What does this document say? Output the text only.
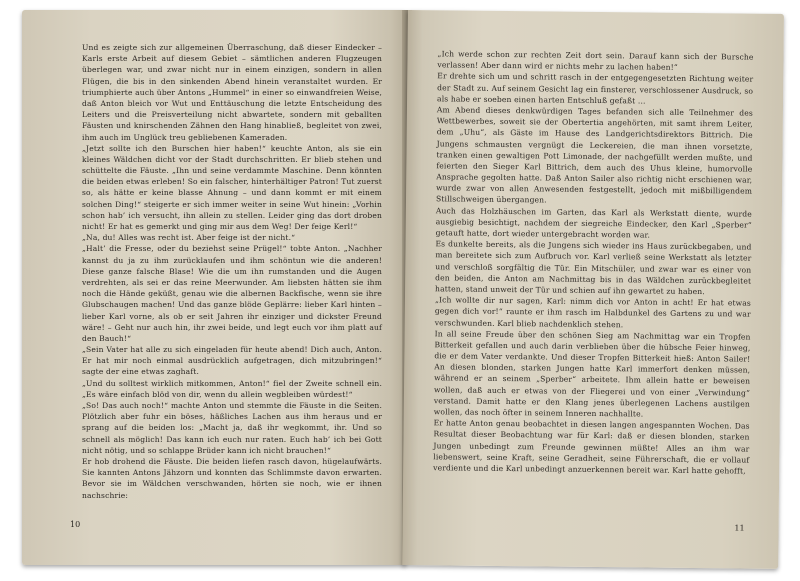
Und es zeigte sich zur allgemeinen Überraschung, daß dieser Eindecker – Karls erste Arbeit auf diesem Gebiet – sämtlichen anderen Flugzeugen überlegen war, und zwar nicht nur in einem einzigen, sondern in allen Flügen, die bis in den sinkenden Abend hinein veranstaltet wurden. Er triumphierte auch über Antons „Hummel“ in einer so einwandfreien Weise, daß Anton bleich vor Wut und Enttäuschung die letzte Entscheidung des Leiters und die Preisverteilung nicht abwartete, sondern mit geballten Fäusten und knirschenden Zähnen den Hang hinabließ, begleitet von zwei, ihm auch im Unglück treu gebliebenen Kameraden.

„Jetzt sollte ich den Burschen hier haben!“ keuchte Anton, als sie ein kleines Wäldchen dicht vor der Stadt durchschritten. Er blieb stehen und schüttelte die Fäuste. „Ihn und seine verdammte Maschine. Denn könnten die beiden etwas erleben! So ein falscher, hinterhältiger Patron! Tut zuerst so, als hätte er keine blasse Ahnung – und dann kommt er mit einem solchen Ding!“ steigerte er sich immer weiter in seine Wut hinein: „Vorhin schon hab’ ich versucht, ihn allein zu stellen. Leider ging das dort droben nicht! Er hat es gemerkt und ging mir aus dem Weg! Der feige Kerl!“

„Na, du! Alles was recht ist. Aber feige ist der nicht.“

„Halt’ die Fresse, oder du beziehst seine Prügel!“ tobte Anton. „Nachher kannst du ja zu ihm zurücklaufen und ihm schöntun wie die anderen! Diese ganze falsche Blase! Wie die um ihn rumstanden und die Augen verdrehten, als sei er das reine Meerwunder. Am liebsten hätten sie ihm noch die Hände geküßt, genau wie die albernen Backfische, wenn sie ihre Glubschaugen machen! Und das ganze blöde Geplärre: lieber Karl hinten – lieber Karl vorne, als ob er seit Jahren ihr einziger und dickster Freund wäre! – Geht nur auch hin, ihr zwei beide, und legt euch vor ihm platt auf den Bauch!“

„Sein Vater hat alle zu sich eingeladen für heute abend! Dich auch, Anton. Er hat mir noch einmal ausdrücklich aufgetragen, dich mitzubringen!“ sagte der eine etwas zaghaft.

„Und du solltest wirklich mitkommen, Anton!“ fiel der Zweite schnell ein. „Es wäre einfach blöd von dir, wenn du allein wegbleiben würdest!“

„So! Das auch noch!“ machte Anton und stemmte die Fäuste in die Seiten. Plötzlich aber fuhr ein böses, häßliches Lachen aus ihm heraus und er sprang auf die beiden los: „Macht ja, daß ihr wegkommt, ihr. Und so schnell als möglich! Das kann ich euch nur raten. Euch hab’ ich bei Gott nicht nötig, und so schlappe Brüder kann ich nicht brauchen!“

Er hob drohend die Fäuste. Die beiden liefen rasch davon, hügelaufwärts. Sie kannten Antons Jähzorn und konnten das Schlimmste davon erwarten. Bevor sie im Wäldchen verschwanden, hörten sie noch, wie er ihnen nachschrie:

10

„Ich werde schon zur rechten Zeit dort sein. Darauf kann sich der Bursche verlassen! Aber dann wird er nichts mehr zu lachen haben!“

Er drehte sich um und schritt rasch in der entgegengesetzten Richtung weiter der Stadt zu. Auf seinem Gesicht lag ein finsterer, verschlossener Ausdruck, so als habe er soeben einen harten Entschluß gefaßt ...

Am Abend dieses denkwürdigen Tages befanden sich alle Teilnehmer des Wettbewerbes, soweit sie der Obertertia angehörten, mit samt ihrem Leiter, dem „Uhu“, als Gäste im Hause des Landgerichtsdirektors Bittrich. Die Jungens schmausten vergnügt die Leckereien, die man ihnen vorsetzte, tranken einen gewaltigen Pott Limonade, der nachgefüllt werden mußte, und feierten den Sieger Karl Bittrich, dem auch des Uhus kleine, humorvolle Ansprache gegolten hatte. Daß Anton Sailer also richtig nicht erschienen war, wurde zwar von allen Anwesenden festgestellt, jedoch mit mißbilligendem Stillschweigen übergangen.

Auch das Holzhäuschen im Garten, das Karl als Werkstatt diente, wurde ausgiebig besichtigt, nachdem der siegreiche Eindecker, den Karl „Sperber“ getauft hatte, dort wieder untergebracht worden war.

Es dunkelte bereits, als die Jungens sich wieder ins Haus zurückbegaben, und man bereitete sich zum Aufbruch vor. Karl verließ seine Werkstatt als letzter und verschloß sorgfältig die Tür. Ein Mitschüler, und zwar war es einer von den beiden, die Anton am Nachmittag bis in das Wäldchen zurückbegleitet hatten, stand unweit der Tür und schien auf ihn gewartet zu haben.

„Ich wollte dir nur sagen, Karl: nimm dich vor Anton in acht! Er hat etwas gegen dich vor!“ raunte er ihm rasch im Halbdunkel des Gartens zu und war verschwunden. Karl blieb nachdenklich stehen.

In all seine Freude über den schönen Sieg am Nachmittag war ein Tropfen Bitterkeit gefallen und auch darin verblieben über die hübsche Feier hinweg, die er dem Vater verdankte. Und dieser Tropfen Bitterkeit hieß: Anton Sailer! An diesen blonden, starken Jungen hatte Karl immerfort denken müssen, während er an seinem „Sperber“ arbeitete. Ihm allein hatte er beweisen wollen, daß auch er etwas von der Fliegerei und von einer „Verwindung“ verstand. Damit hatte er den Klang jenes überlegenen Lachens austilgen wollen, das noch öfter in seinem Inneren nachhallte.

Er hatte Anton genau beobachtet in diesen langen angespannten Wochen. Das Resultat dieser Beobachtung war für Karl: daß er diesen blonden, starken Jungen unbedingt zum Freunde gewinnen müßte! Alles an ihm war liebenswert, seine Kraft, seine Geradheit, seine Führerschaft, die er vollauf verdiente und die Karl unbedingt anzuerkennen bereit war. Karl hatte gehofft,

11
